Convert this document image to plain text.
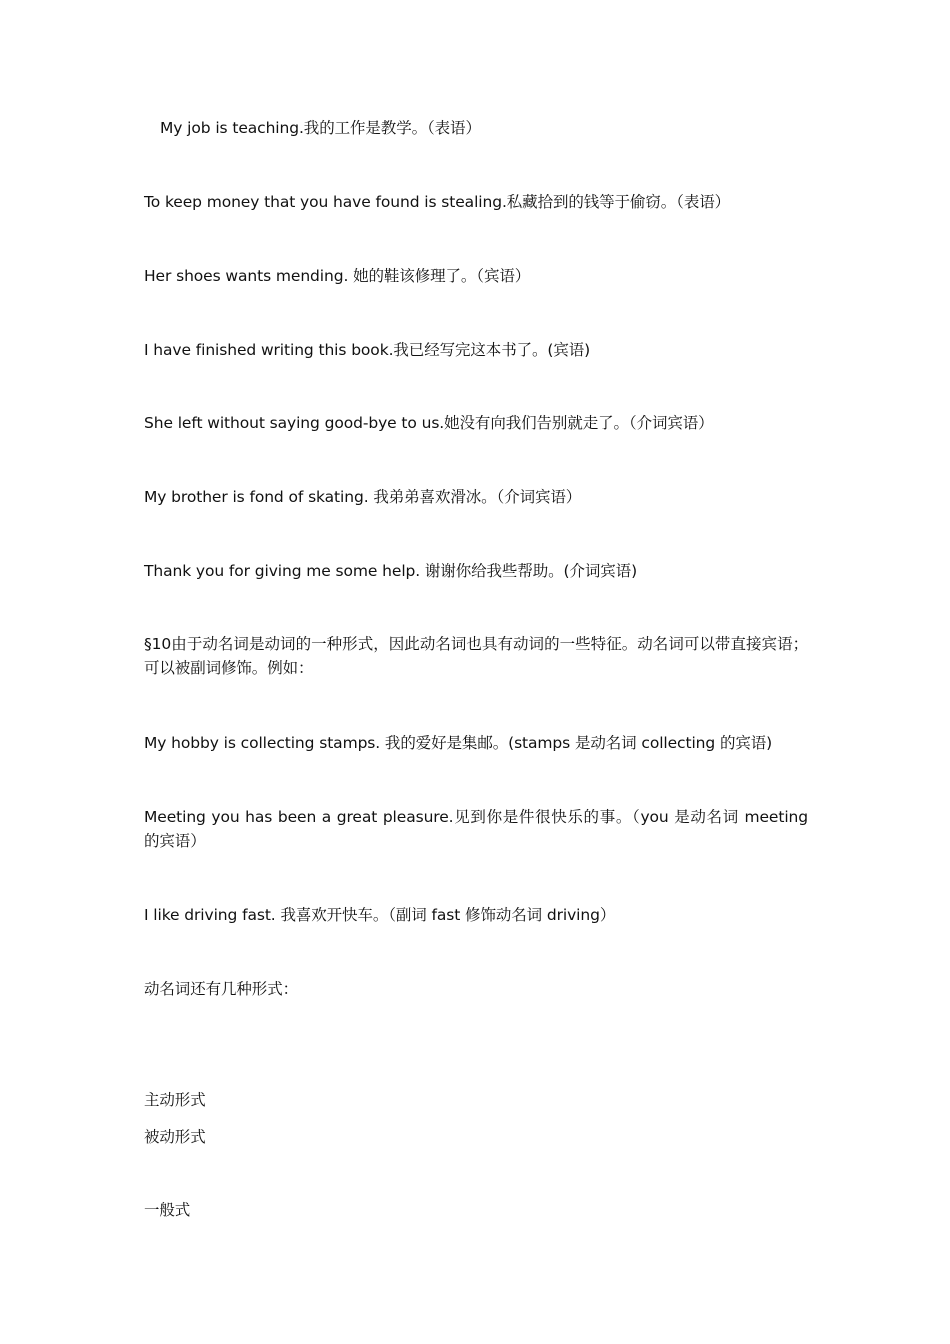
My job is teaching.我的工作是教学。（表语）
To keep money that you have found is stealing.私藏拾到的钱等于偷窃。（表语）
Her shoes wants mending. 她的鞋该修理了。（宾语）
I have finished writing this book.我已经写完这本书了。(宾语)
She left without saying good-bye to us.她没有向我们告别就走了。（介词宾语）
My brother is fond of skating. 我弟弟喜欢滑冰。（介词宾语）
Thank you for giving me some help. 谢谢你给我些帮助。(介词宾语)
§10由于动名词是动词的一种形式，因此动名词也具有动词的一些特征。动名词可以带直接宾语；可以被副词修饰。例如：
My hobby is collecting stamps. 我的爱好是集邮。(stamps 是动名词 collecting 的宾语)
Meeting you has been a great pleasure.见到你是件很快乐的事。（you 是动名词 meeting 的宾语）
I like driving fast. 我喜欢开快车。（副词 fast 修饰动名词 driving）
动名词还有几种形式：
主动形式
被动形式
一般式
